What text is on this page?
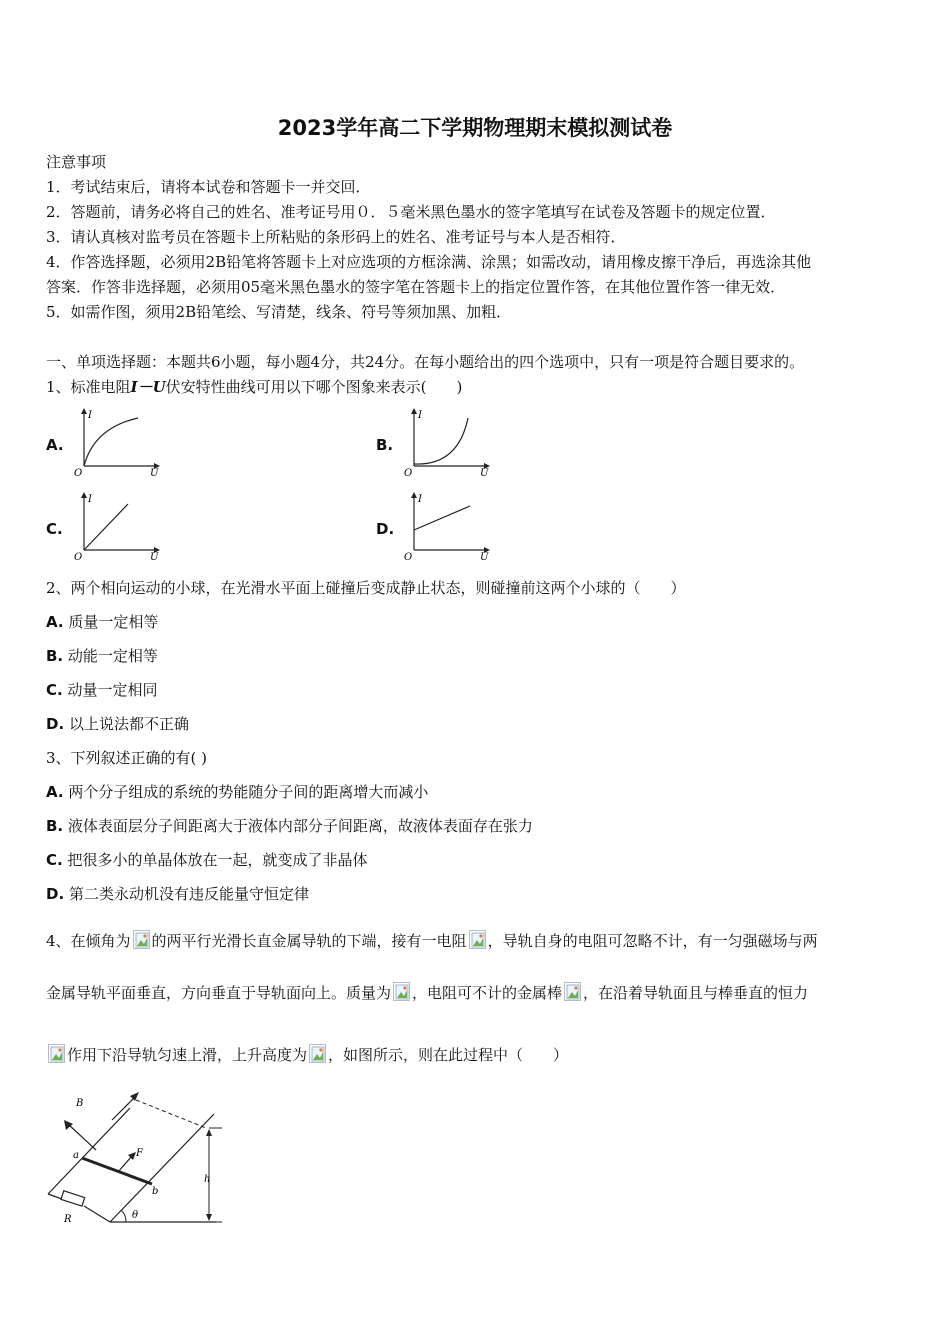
2023学年高二下学期物理期末模拟测试卷
注意事项
1．考试结束后，请将本试卷和答题卡一并交回．
2．答题前，请务必将自己的姓名、准考证号用０．５毫米黑色墨水的签字笔填写在试卷及答题卡的规定位置．
3．请认真核对监考员在答题卡上所粘贴的条形码上的姓名、准考证号与本人是否相符．
4．作答选择题，必须用2B铅笔将答题卡上对应选项的方框涂满、涂黑；如需改动，请用橡皮擦干净后，再选涂其他
答案．作答非选择题，必须用05毫米黑色墨水的签字笔在答题卡上的指定位置作答，在其他位置作答一律无效．
5．如需作图，须用2B铅笔绘、写清楚，线条、符号等须加黑、加粗．
一、单项选择题：本题共6小题，每小题4分，共24分。在每小题给出的四个选项中，只有一项是符合题目要求的。
1、标准电阻I－U伏安特性曲线可用以下哪个图象来表示(　　)
A.
I
U
O
B.
I
U
O
C.
I
U
O
D.
I
U
O
2、两个相向运动的小球，在光滑水平面上碰撞后变成静止状态，则碰撞前这两个小球的（　　）
A. 质量一定相等
B. 动能一定相等
C. 动量一定相同
D. 以上说法都不正确
3、下列叙述正确的有( )
A. 两个分子组成的系统的势能随分子间的距离增大而减小
B. 液体表面层分子间距离大于液体内部分子间距离，故液体表面存在张力
C. 把很多小的单晶体放在一起，就变成了非晶体
D. 第二类永动机没有违反能量守恒定律
4、在倾角为 的两平行光滑长直金属导轨的下端，接有一电阻 ，导轨自身的电阻可忽略不计，有一匀强磁场与两
金属导轨平面垂直，方向垂直于导轨面向上。质量为 ，电阻可不计的金属棒 ，在沿着导轨面且与棒垂直的恒力
作用下沿导轨匀速上滑，上升高度为 ，如图所示，则在此过程中（　　）
B
F
a
b
h
R	θ
